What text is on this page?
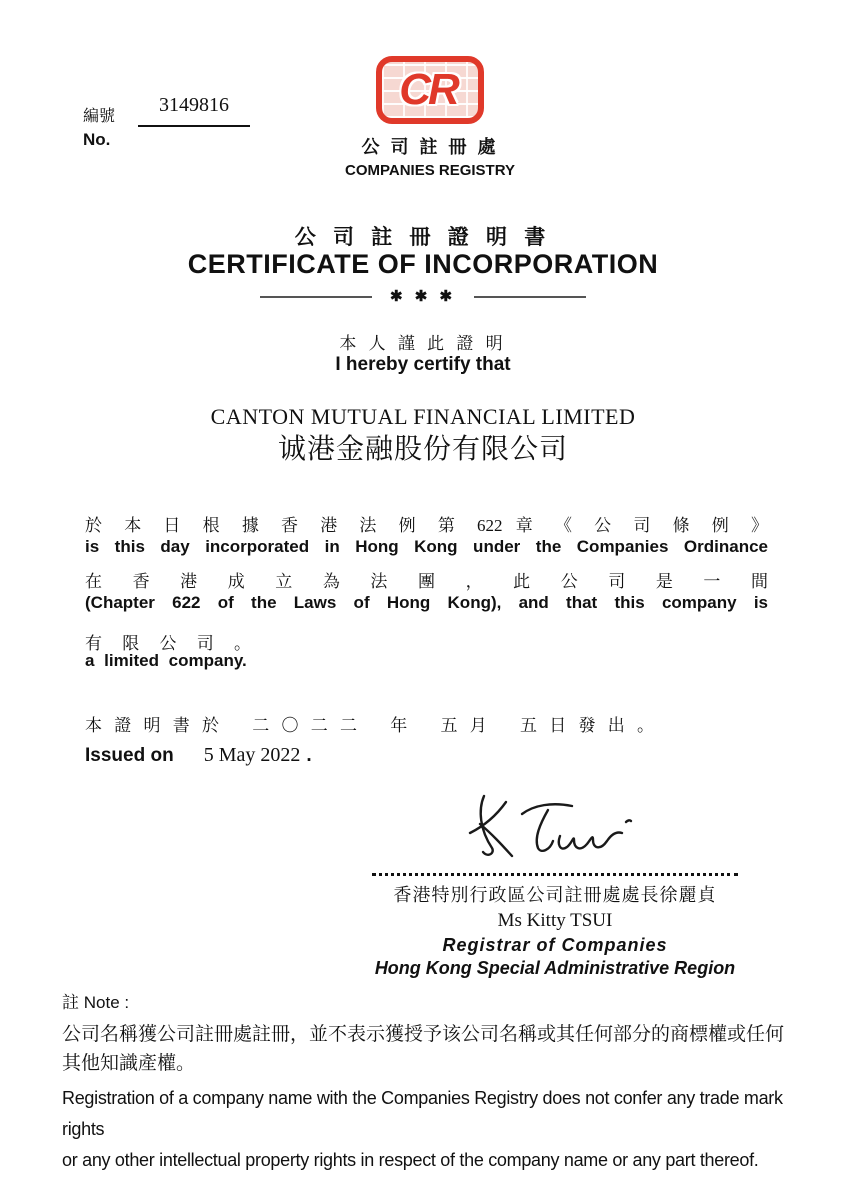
編號
3149816
No.
CR
公 司 註 冊 處
COMPANIES REGISTRY
公 司 註 冊 證 明 書
CERTIFICATE OF INCORPORATION
✱ ✱ ✱
本 人 謹 此 證 明
I hereby certify that
CANTON MUTUAL FINANCIAL LIMITED
诚港金融股份有限公司
於 本 日 根 據 香 港 法 例 第 622 章 《 公 司 條 例 》
is this day incorporated in Hong Kong under the Companies Ordinance
在 香 港 成 立 為 法 團 ， 此 公 司 是 一 間
(Chapter 622 of the Laws of Hong Kong), and that this company is
有 限 公 司 。
a limited company.
本 證 明 書 於　 二 〇 二 二　 年　 五 月　 五 日 發 出 。
Issued on 5 May 2022 .
香港特別行政區公司註冊處處長徐麗貞
Ms Kitty TSUI
Registrar of Companies
Hong Kong Special Administrative Region
註 Note :
公司名稱獲公司註冊處註冊，並不表示獲授予该公司名稱或其任何部分的商標權或任何
其他知識產權。
Registration of a company name with the Companies Registry does not confer any trade mark rights
or any other intellectual property rights in respect of the company name or any part thereof.
